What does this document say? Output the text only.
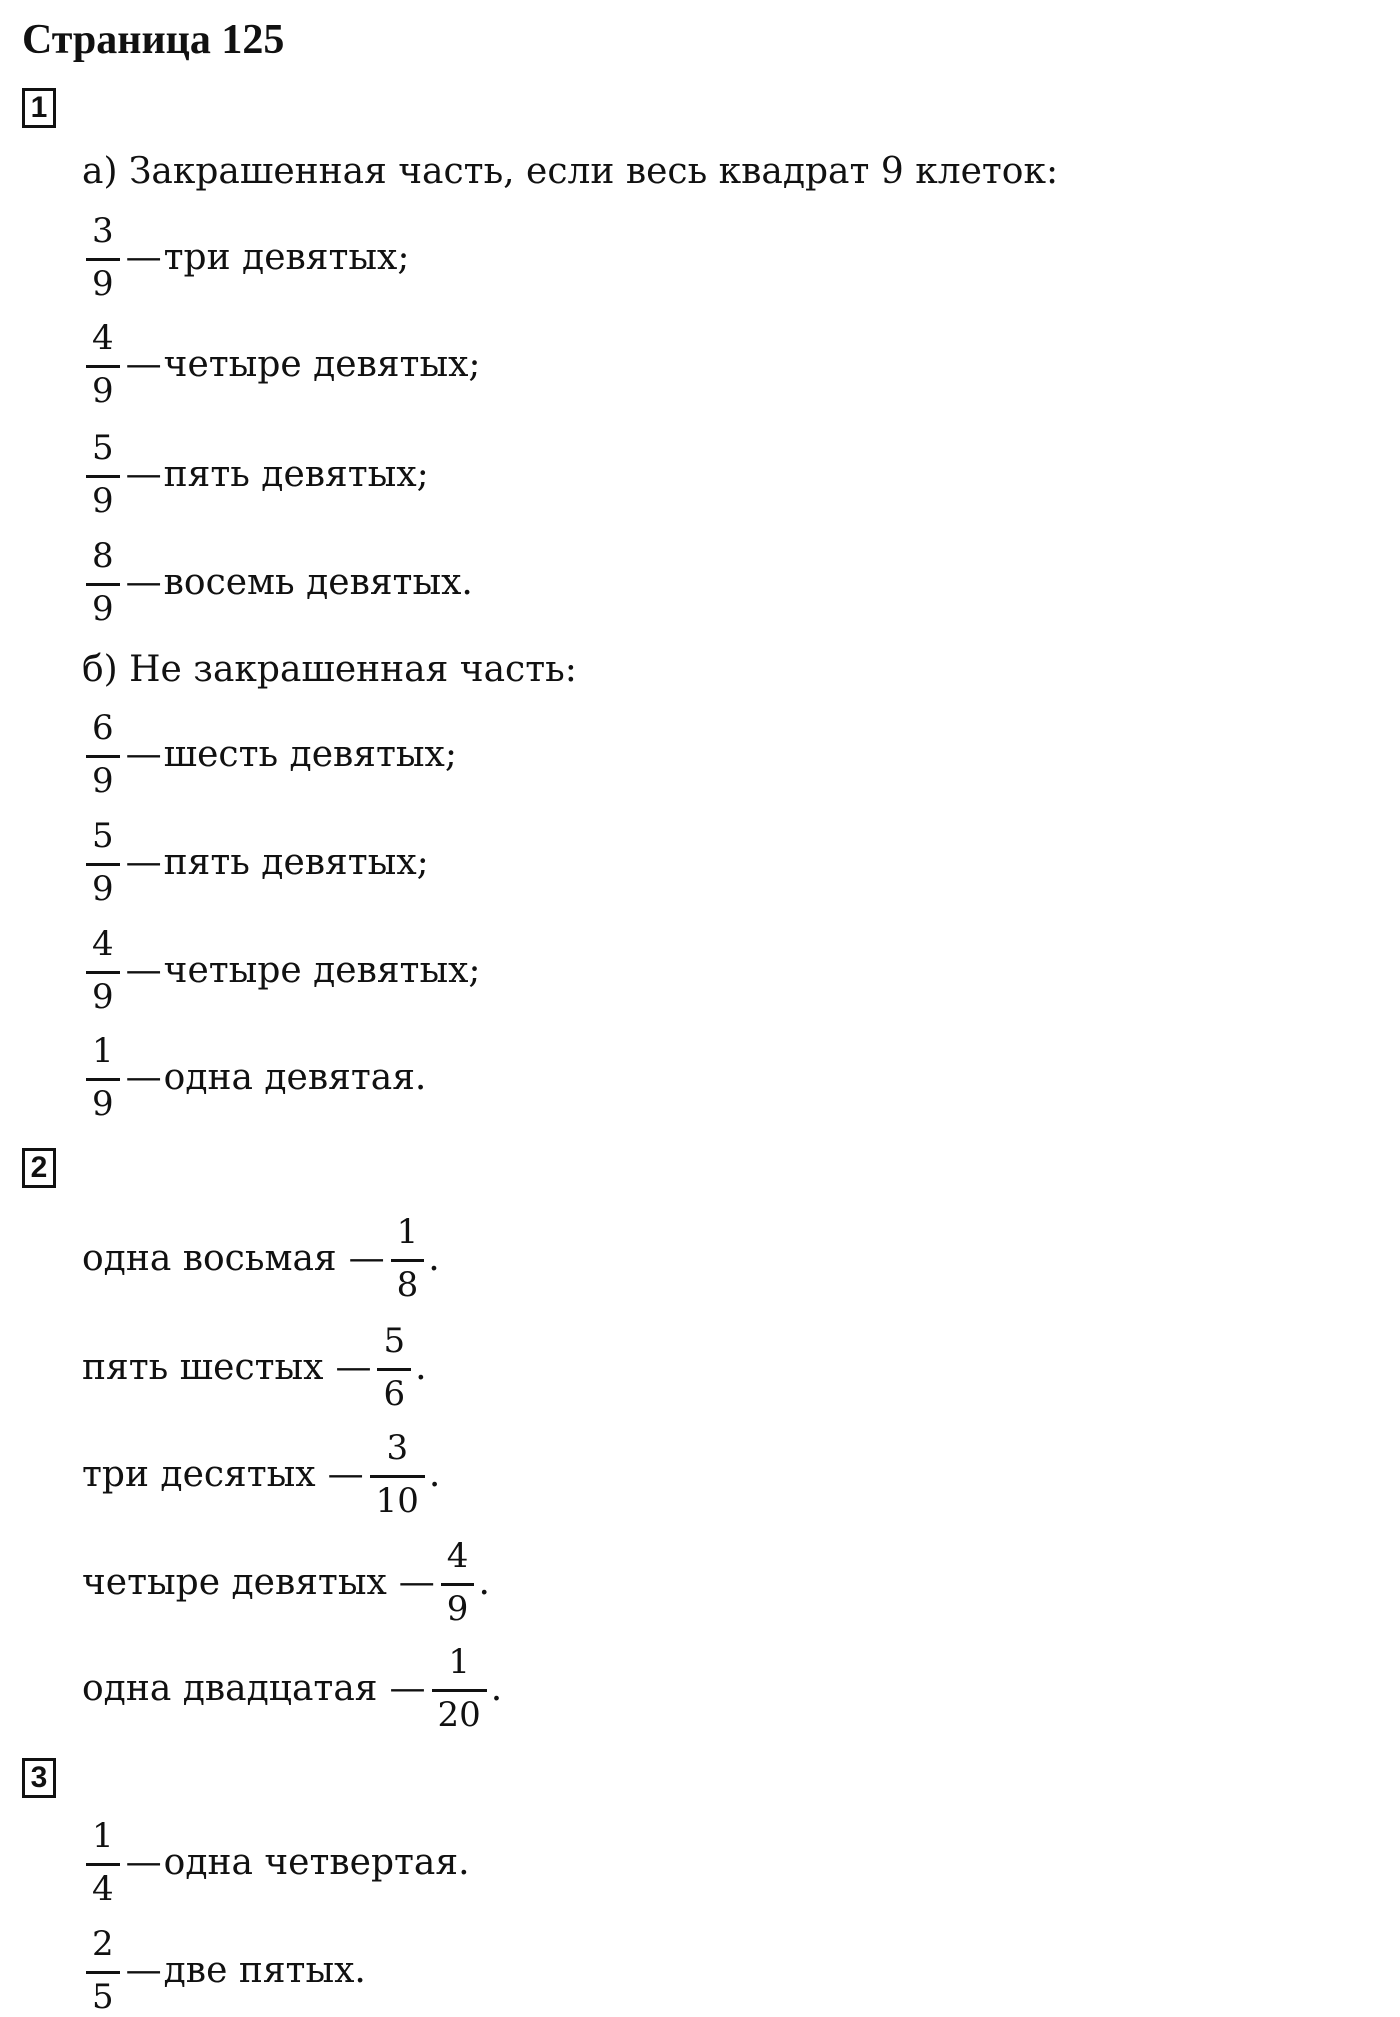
Страница 125
1
а) Закрашенная часть, если весь квадрат 9 клеток:
$\frac{3}{9}$ — три девятых;
$\frac{4}{9}$ — четыре девятых;
$\frac{5}{9}$ — пять девятых;
$\frac{8}{9}$ — восемь девятых.
б) Не закрашенная часть:
$\frac{6}{9}$ — шесть девятых;
$\frac{5}{9}$ — пять девятых;
$\frac{4}{9}$ — четыре девятых;
$\frac{1}{9}$ — одна девятая.
2
одна восьмая — $\frac{1}{8}$ .
пять шестых — $\frac{5}{6}$ .
три десятых — $\frac{3}{10}$ .
четыре девятых — $\frac{4}{9}$ .
одна двадцатая — $\frac{1}{20}$ .
3
$\frac{1}{4}$ — одна четвертая.
$\frac{2}{5}$ — две пятых.
